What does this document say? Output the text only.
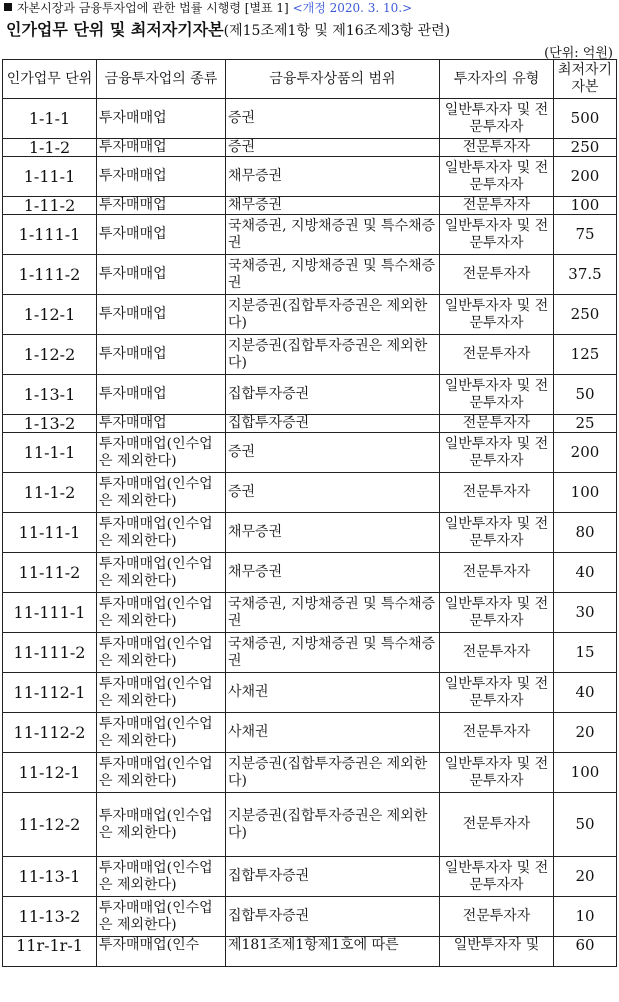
자본시장과 금융투자업에 관한 법률 시행령 [별표 1] <개정 2020. 3. 10.>
인가업무 단위 및 최저자기자본(제15조제1항 및 제16조제3항 관련)
(단위: 억원)
인가업무 단위	금융투자업의 종류	금융투자상품의 범위	투자자의 유형	최저자기 자본
1-1-1	투자매매업	증권	일반투자자 및 전문투자자	500
1-1-2	투자매매업	증권	전문투자자	250
1-11-1	투자매매업	채무증권	일반투자자 및 전문투자자	200
1-11-2	투자매매업	채무증권	전문투자자	100
1-111-1	투자매매업	국채증권, 지방채증권 및 특수채증권	일반투자자 및 전문투자자	75
1-111-2	투자매매업	국채증권, 지방채증권 및 특수채증권	전문투자자	37.5
1-12-1	투자매매업	지분증권(집합투자증권은 제외한다)	일반투자자 및 전문투자자	250
1-12-2	투자매매업	지분증권(집합투자증권은 제외한다)	전문투자자	125
1-13-1	투자매매업	집합투자증권	일반투자자 및 전문투자자	50
1-13-2	투자매매업	집합투자증권	전문투자자	25
11-1-1	투자매매업(인수업은 제외한다)	증권	일반투자자 및 전문투자자	200
11-1-2	투자매매업(인수업은 제외한다)	증권	전문투자자	100
11-11-1	투자매매업(인수업은 제외한다)	채무증권	일반투자자 및 전문투자자	80
11-11-2	투자매매업(인수업은 제외한다)	채무증권	전문투자자	40
11-111-1	투자매매업(인수업은 제외한다)	국채증권, 지방채증권 및 특수채증권	일반투자자 및 전문투자자	30
11-111-2	투자매매업(인수업은 제외한다)	국채증권, 지방채증권 및 특수채증권	전문투자자	15
11-112-1	투자매매업(인수업은 제외한다)	사채권	일반투자자 및 전문투자자	40
11-112-2	투자매매업(인수업은 제외한다)	사채권	전문투자자	20
11-12-1	투자매매업(인수업은 제외한다)	지분증권(집합투자증권은 제외한다)	일반투자자 및 전문투자자	100
11-12-2	투자매매업(인수업은 제외한다)	지분증권(집합투자증권은 제외한다)	전문투자자	50
11-13-1	투자매매업(인수업은 제외한다)	집합투자증권	일반투자자 및 전문투자자	20
11-13-2	투자매매업(인수업은 제외한다)	집합투자증권	전문투자자	10
11r-1r-1	투자매매업(인수	제181조제1항제1호에 따른	일반투자자 및	60
